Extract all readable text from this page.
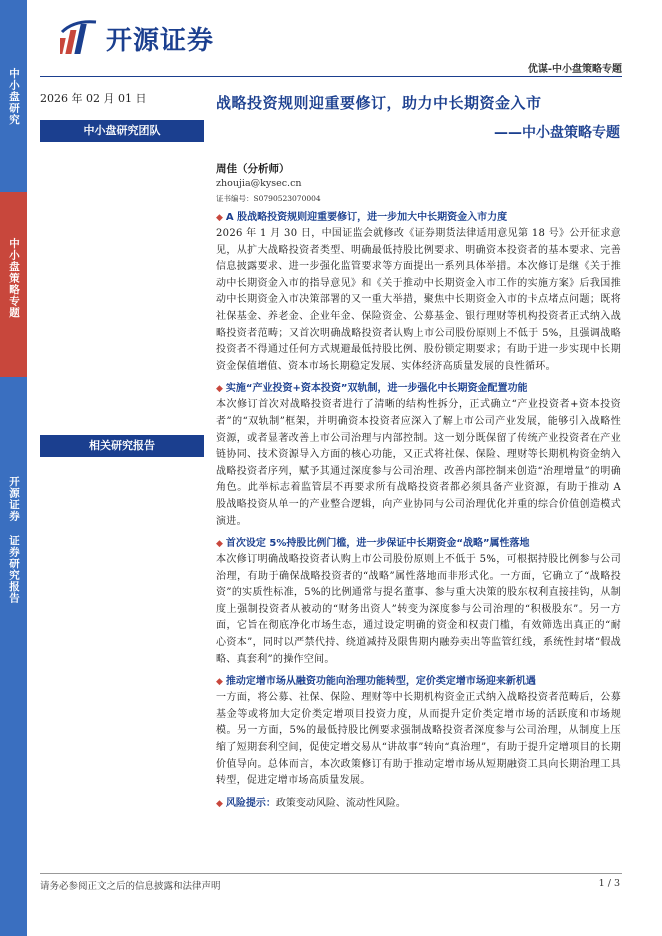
中小盘研究
中小盘策略专题
开源证券 证券研究报告
开源证券
优谋-中小盘策略专题
2026 年 02 月 01 日
中小盘研究团队
相关研究报告
战略投资规则迎重要修订，助力中长期资金入市
——中小盘策略专题
周佳（分析师）
zhoujia@kysec.cn
证书编号：S0790523070004
◆ A 股战略投资规则迎重要修订，进一步加大中长期资金入市力度
2026 年 1 月 30 日，中国证监会就修改《证券期货法律适用意见第 18 号》公开征求意见，从扩大战略投资者类型、明确最低持股比例要求、明确资本投资者的基本要求、完善信息披露要求、进一步强化监管要求等方面提出一系列具体举措。本次修订是继《关于推动中长期资金入市的指导意见》和《关于推动中长期资金入市工作的实施方案》后我国推动中长期资金入市决策部署的又一重大举措，聚焦中长期资金入市的卡点堵点问题；既将社保基金、养老金、企业年金、保险资金、公募基金、银行理财等机构投资者正式纳入战略投资者范畴；又首次明确战略投资者认购上市公司股份原则上不低于 5%，且强调战略投资者不得通过任何方式规避最低持股比例、股份锁定期要求；有助于进一步实现中长期资金保值增值、资本市场长期稳定发展、实体经济高质量发展的良性循环。
◆ 实施“产业投资+资本投资”双轨制，进一步强化中长期资金配置功能
本次修订首次对战略投资者进行了清晰的结构性拆分，正式确立“产业投资者+资本投资者”的“双轨制”框架，并明确资本投资者应深入了解上市公司产业发展，能够引入战略性资源，或者显著改善上市公司治理与内部控制。这一划分既保留了传统产业投资者在产业链协同、技术资源导入方面的核心功能，又正式将社保、保险、理财等长期机构资金纳入战略投资者序列，赋予其通过深度参与公司治理、改善内部控制来创造“治理增量”的明确角色。此举标志着监管层不再要求所有战略投资者都必须具备产业资源，有助于推动 A 股战略投资从单一的产业整合逻辑，向产业协同与公司治理优化并重的综合价值创造模式演进。
◆ 首次设定 5%持股比例门槛，进一步保证中长期资金“战略”属性落地
本次修订明确战略投资者认购上市公司股份原则上不低于 5%，可根据持股比例参与公司治理，有助于确保战略投资者的“战略”属性落地而非形式化。一方面，它确立了“战略投资”的实质性标准，5%的比例通常与提名董事、参与重大决策的股东权利直接挂钩，从制度上强制投资者从被动的“财务出资人”转变为深度参与公司治理的“积极股东”。另一方面，它旨在彻底净化市场生态，通过设定明确的资金和权责门槛，有效筛选出真正的“耐心资本”，同时以严禁代持、绕道减持及限售期内融券卖出等监管红线，系统性封堵“假战略、真套利”的操作空间。
◆ 推动定增市场从融资功能向治理功能转型，定价类定增市场迎来新机遇
一方面，将公募、社保、保险、理财等中长期机构资金正式纳入战略投资者范畴后，公募基金等或将加大定价类定增项目投资力度，从而提升定价类定增市场的活跃度和市场规模。另一方面，5%的最低持股比例要求强制战略投资者深度参与公司治理，从制度上压缩了短期套利空间，促使定增交易从“讲故事”转向“真治理”，有助于提升定增项目的长期价值导向。总体而言，本次政策修订有助于推动定增市场从短期融资工具向长期治理工具转型，促进定增市场高质量发展。
◆ 风险提示： 政策变动风险、流动性风险。
请务必参阅正文之后的信息披露和法律声明	1 / 3
